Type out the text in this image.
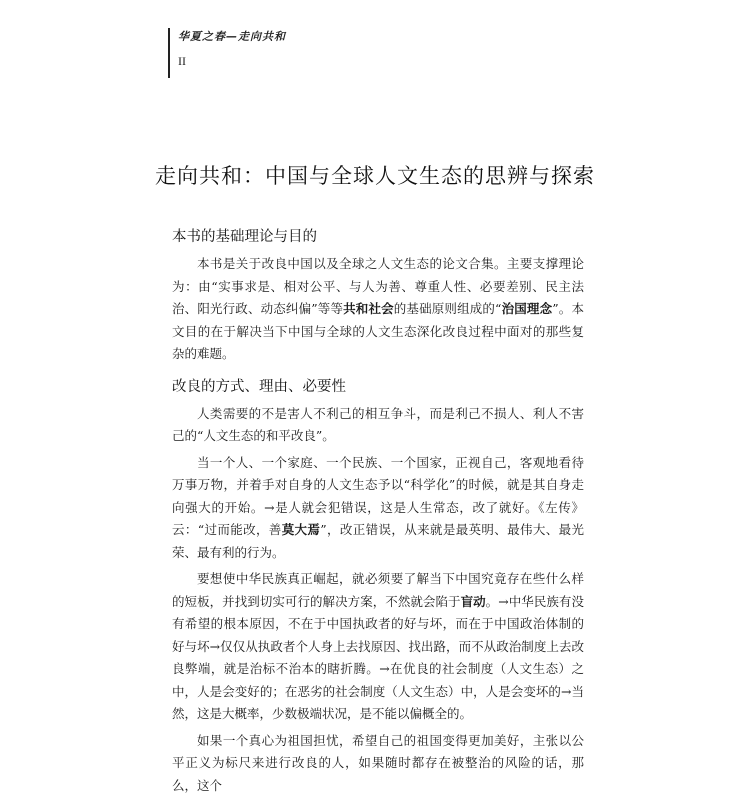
华夏之春—走向共和
II
走向共和：中国与全球人文生态的思辨与探索
本书的基础理论与目的

本书是关于改良中国以及全球之人文生态的论文合集。主要支撑理论为：由“实事求是、相对公平、与人为善、尊重人性、必要差别、民主法治、阳光行政、动态纠偏”等等共和社会的基础原则组成的“治国理念”。本文目的在于解决当下中国与全球的人文生态深化改良过程中面对的那些复杂的难题。

改良的方式、理由、必要性

人类需要的不是害人不利己的相互争斗，而是利己不损人、利人不害己的“人文生态的和平改良”。

当一个人、一个家庭、一个民族、一个国家，正视自己，客观地看待万事万物，并着手对自身的人文生态予以“科学化”的时候，就是其自身走向强大的开始。→是人就会犯错误，这是人生常态，改了就好。《左传》云：“过而能改，善莫大焉”，改正错误，从来就是最英明、最伟大、最光荣、最有利的行为。

要想使中华民族真正崛起，就必须要了解当下中国究竟存在些什么样的短板，并找到切实可行的解决方案，不然就会陷于盲动。→中华民族有没有希望的根本原因，不在于中国执政者的好与坏，而在于中国政治体制的好与坏→仅仅从执政者个人身上去找原因、找出路，而不从政治制度上去改良弊端，就是治标不治本的瞎折腾。→在优良的社会制度（人文生态）之中，人是会变好的；在恶劣的社会制度（人文生态）中，人是会变坏的→当然，这是大概率，少数极端状况，是不能以偏概全的。

如果一个真心为祖国担忧，希望自己的祖国变得更加美好，主张以公平正义为标尺来进行改良的人，如果随时都存在被整治的风险的话，那么，这个
